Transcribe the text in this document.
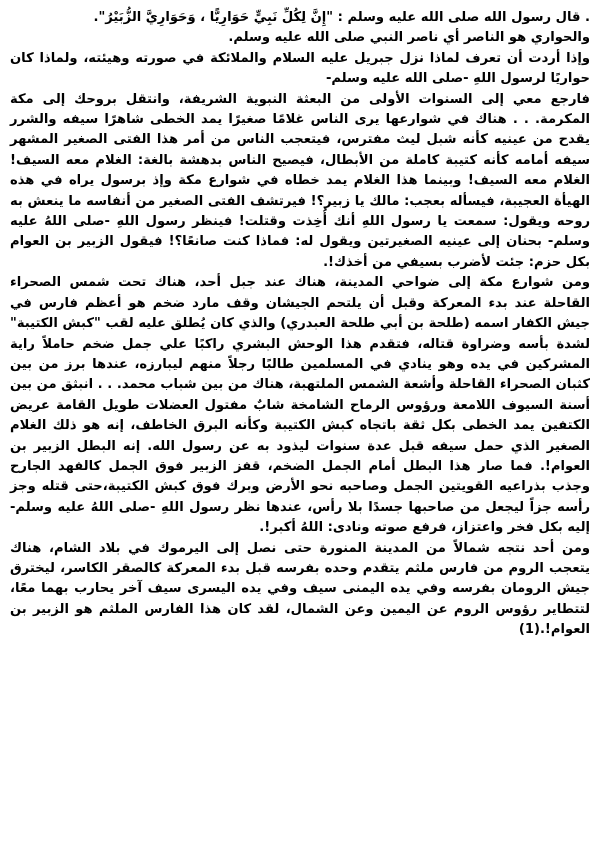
. قال رسول الله صلى الله عليه وسلم : "إِنَّ لِكُلِّ نَبِيٍّ حَوَارِيًّا ، وَحَوَارِيَّ الزُّبَيْرُ".

والحواري هو الناصر أي ناصر النبي صلى الله عليه وسلم.

وإذا أردت أن تعرف لماذا نزل جبريل عليه السلام والملائكة في صورته وهيئته، ولماذا كان حواريًا لرسول اللهِ -صلى الله عليه وسلم-

فارجع معي إلى السنوات الأولى من البعثة النبوية الشريفة، وانتقل بروحك إلى مكة المكرمة. . . هناك في شوارعها يرى الناس غلامًا صغيرًا يمد الخطى شاهرًا سيفه والشرر يقدح من عينيه كأنه شبل ليث مفترس، فيتعجب الناس من أمر هذا الفتى الصغير المشهر سيفه أمامه كأنه كتيبة كاملة من الأبطال، فيصيح الناس بدهشة بالغة: الغلام معه السيف! الغلام معه السيف! وبينما هذا الغلام يمد خطاه في شوارع مكة وإذ برسول يراه في هذه الهيأة العجيبة، فيسأله بعجب: مالك يا زبير؟! فيرتشف الفتى الصغير من أنفاسه ما ينعش به روحه ويقول: سمعت يا رسول اللهِ أنك أُخِذت وقتلت! فينظر رسول اللهِ -صلى اللهُ عليه وسلم- بحنان إلى عينيه الصغيرتين ويقول له: فماذا كنت صانعًا؟! فيقول الزبير بن العوام بكل حزم: جئت لأضرب بسيفي من أخذك!.

ومن شوارع مكة إلى ضواحي المدينة، هناك عند جبل أحد، هناك تحت شمس الصحراء القاحلة عند بدء المعركة وقبل أن يلتحم الجيشان وقف مارد ضخم هو أعظم فارس في جيش الكفار اسمه (طلحة بن أبي طلحة العبدري) والذي كان يُطلق عليه لقب "كبش الكتيبة" لشدة بأسه وضراوة قتاله، فتقدم هذا الوحش البشري راكبًا علي جمل ضخم حاملاً راية المشركين في يده وهو ينادي في المسلمين طالبًا رجلاً منهم ليبارزه، عندها برز من بين كثبان الصحراء القاحلة وأشعة الشمس الملتهبة، هناك من بين شباب محمد. . . انبثق من بين أسنة السيوف اللامعة ورؤوس الرماح الشامخة شابٌ مفتول العضلات طويل القامة عريض الكتفين يمد الخطى بكل ثقة باتجاه كبش الكتيبة وكأنه البرق الخاطف، إنه هو ذلك الغلام الصغير الذي حمل سيفه قبل عدة سنوات ليذود به عن رسول الله. إنه البطل الزبير بن العوام!. فما صار هذا البطل أمام الجمل الضخم، قفز الزبير فوق الجمل كالفهد الجارح وجذب بذراعيه القويتين الجمل وصاحبه نحو الأرض وبرك فوق كبش الكتيبة،حتى قتله وجز رأسه جزاً ليجعل من صاحبها جسدًا بلا رأس، عندها نظر رسول اللهِ -صلى اللهُ عليه وسلم- إليه بكل فخر واعتزاز، فرفع صوته ونادى: اللهُ أكبر!.

ومن أحد نتجه شمالاً من المدينة المنورة حتى نصل إلى اليرموك في بلاد الشام، هناك يتعجب الروم من فارس ملثم يتقدم وحده بفرسه قبل بدء المعركة كالصقر الكاسر، ليخترق جيش الرومان بفرسه وفي يده اليمنى سيف وفي يده اليسرى سيف آخر يحارب بهما معًا، لتتطاير رؤوس الروم عن اليمين وعن الشمال، لقد كان هذا الفارس الملثم هو الزبير بن العوام!.(1)
